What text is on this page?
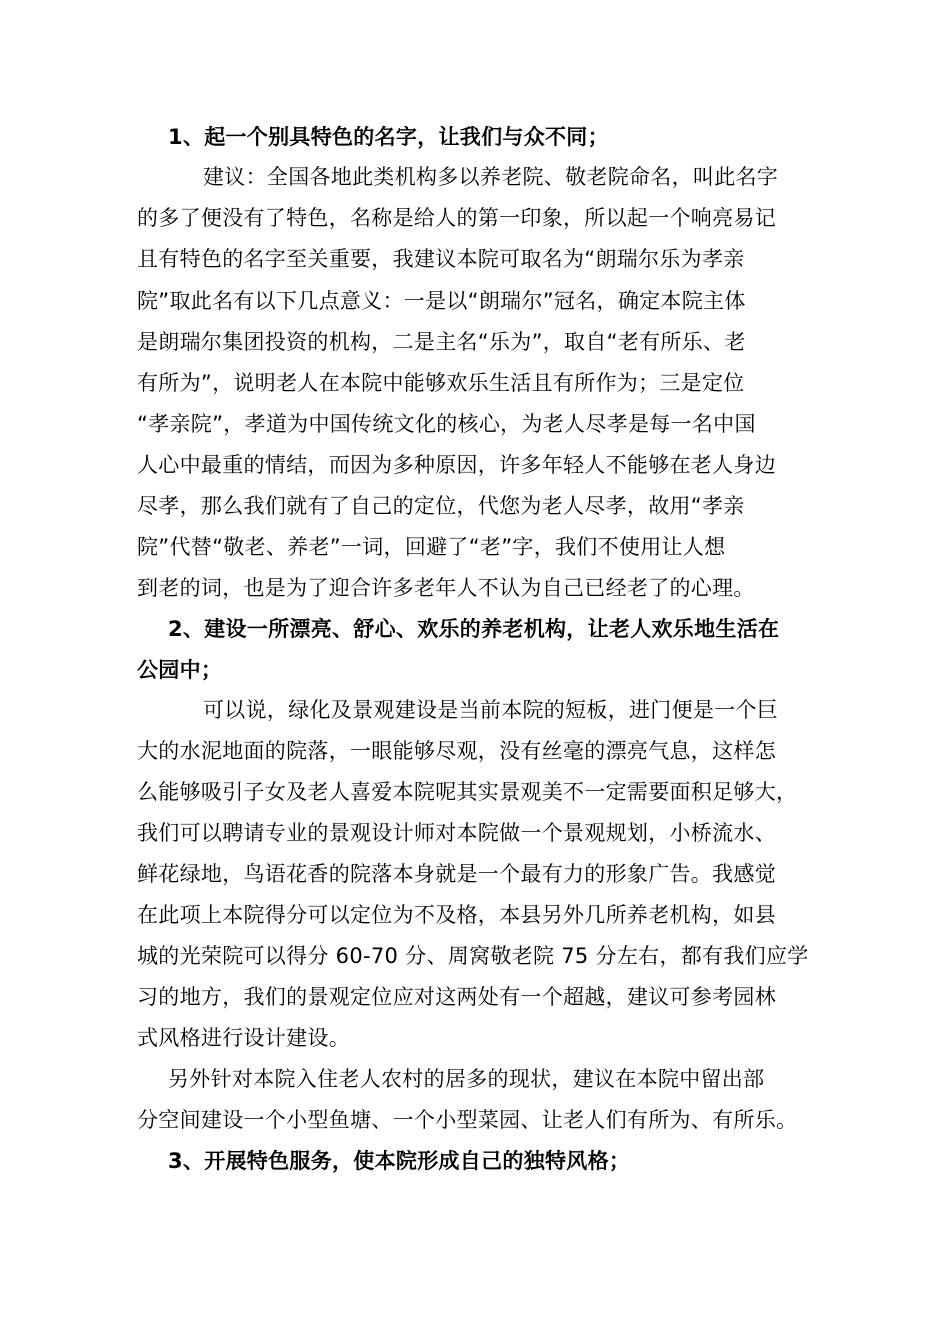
1、起一个别具特色的名字，让我们与众不同；
建议：全国各地此类机构多以养老院、敬老院命名，叫此名字
的多了便没有了特色，名称是给人的第一印象，所以起一个响亮易记
且有特色的名字至关重要，我建议本院可取名为“朗瑞尔乐为孝亲
院”取此名有以下几点意义：一是以“朗瑞尔”冠名，确定本院主体
是朗瑞尔集团投资的机构，二是主名“乐为”，取自“老有所乐、老
有所为”，说明老人在本院中能够欢乐生活且有所作为；三是定位
“孝亲院”，孝道为中国传统文化的核心，为老人尽孝是每一名中国
人心中最重的情结，而因为多种原因，许多年轻人不能够在老人身边
尽孝，那么我们就有了自己的定位，代您为老人尽孝，故用“孝亲
院”代替“敬老、养老”一词，回避了“老”字，我们不使用让人想
到老的词，也是为了迎合许多老年人不认为自己已经老了的心理。
2、建设一所漂亮、舒心、欢乐的养老机构，让老人欢乐地生活在
公园中；
可以说，绿化及景观建设是当前本院的短板，进门便是一个巨
大的水泥地面的院落，一眼能够尽观，没有丝毫的漂亮气息，这样怎
么能够吸引子女及老人喜爱本院呢其实景观美不一定需要面积足够大，
我们可以聘请专业的景观设计师对本院做一个景观规划，小桥流水、
鲜花绿地，鸟语花香的院落本身就是一个最有力的形象广告。我感觉
在此项上本院得分可以定位为不及格，本县另外几所养老机构，如县
城的光荣院可以得分 60-70 分、周窝敬老院 75 分左右，都有我们应学
习的地方，我们的景观定位应对这两处有一个超越，建议可参考园林
式风格进行设计建设。
另外针对本院入住老人农村的居多的现状，建议在本院中留出部
分空间建设一个小型鱼塘、一个小型菜园、让老人们有所为、有所乐。
3、开展特色服务，使本院形成自己的独特风格；
